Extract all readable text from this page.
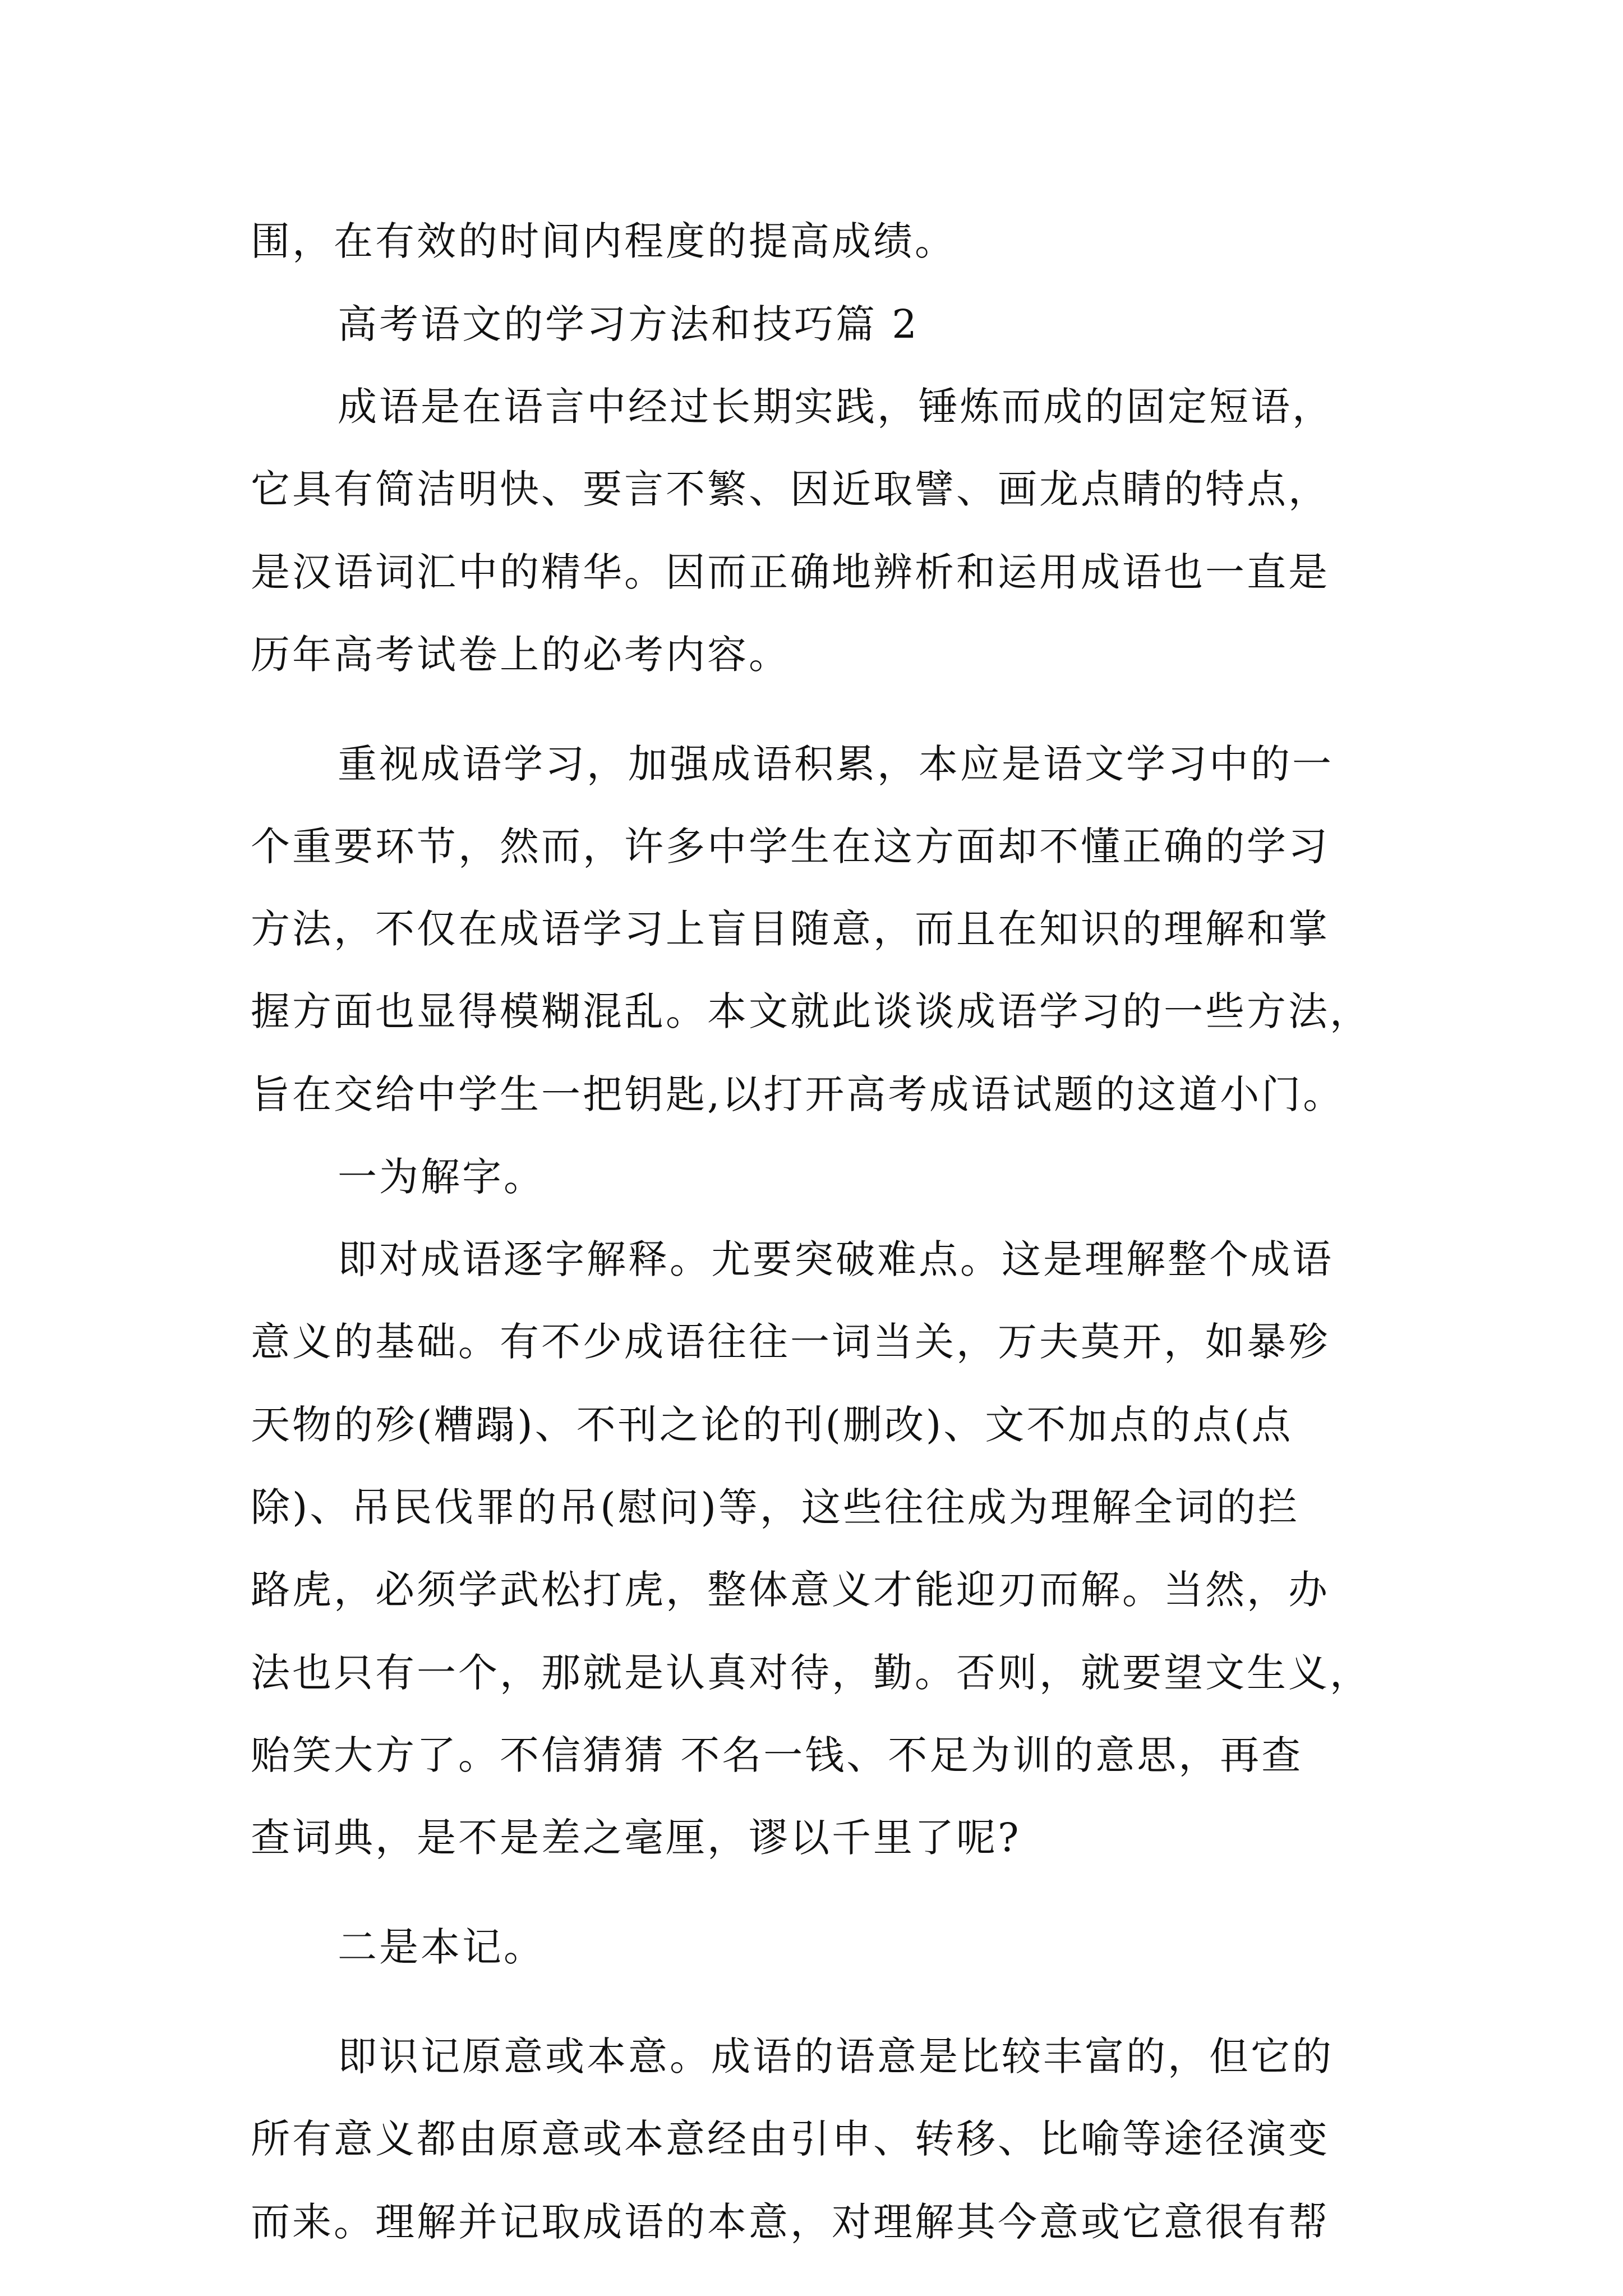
围，在有效的时间内程度的提高成绩。
高考语文的学习方法和技巧篇 2
成语是在语言中经过长期实践，锤炼而成的固定短语，
它具有简洁明快、要言不繁、因近取譬、画龙点睛的特点，
是汉语词汇中的精华。因而正确地辨析和运用成语也一直是
历年高考试卷上的必考内容。
重视成语学习，加强成语积累，本应是语文学习中的一
个重要环节，然而，许多中学生在这方面却不懂正确的学习
方法，不仅在成语学习上盲目随意，而且在知识的理解和掌
握方面也显得模糊混乱。本文就此谈谈成语学习的一些方法，
旨在交给中学生一把钥匙,以打开高考成语试题的这道小门。
一为解字。
即对成语逐字解释。尤要突破难点。这是理解整个成语
意义的基础。有不少成语往往一词当关，万夫莫开，如暴殄
天物的殄(糟蹋)、不刊之论的刊(删改)、文不加点的点(点
除)、吊民伐罪的吊(慰问)等，这些往往成为理解全词的拦
路虎，必须学武松打虎，整体意义才能迎刃而解。当然，办
法也只有一个，那就是认真对待，勤。否则，就要望文生义，
贻笑大方了。不信猜猜 不名一钱、不足为训的意思，再查
查词典，是不是差之毫厘，谬以千里了呢?
二是本记。
即识记原意或本意。成语的语意是比较丰富的，但它的
所有意义都由原意或本意经由引申、转移、比喻等途径演变
而来。理解并记取成语的本意，对理解其今意或它意很有帮
